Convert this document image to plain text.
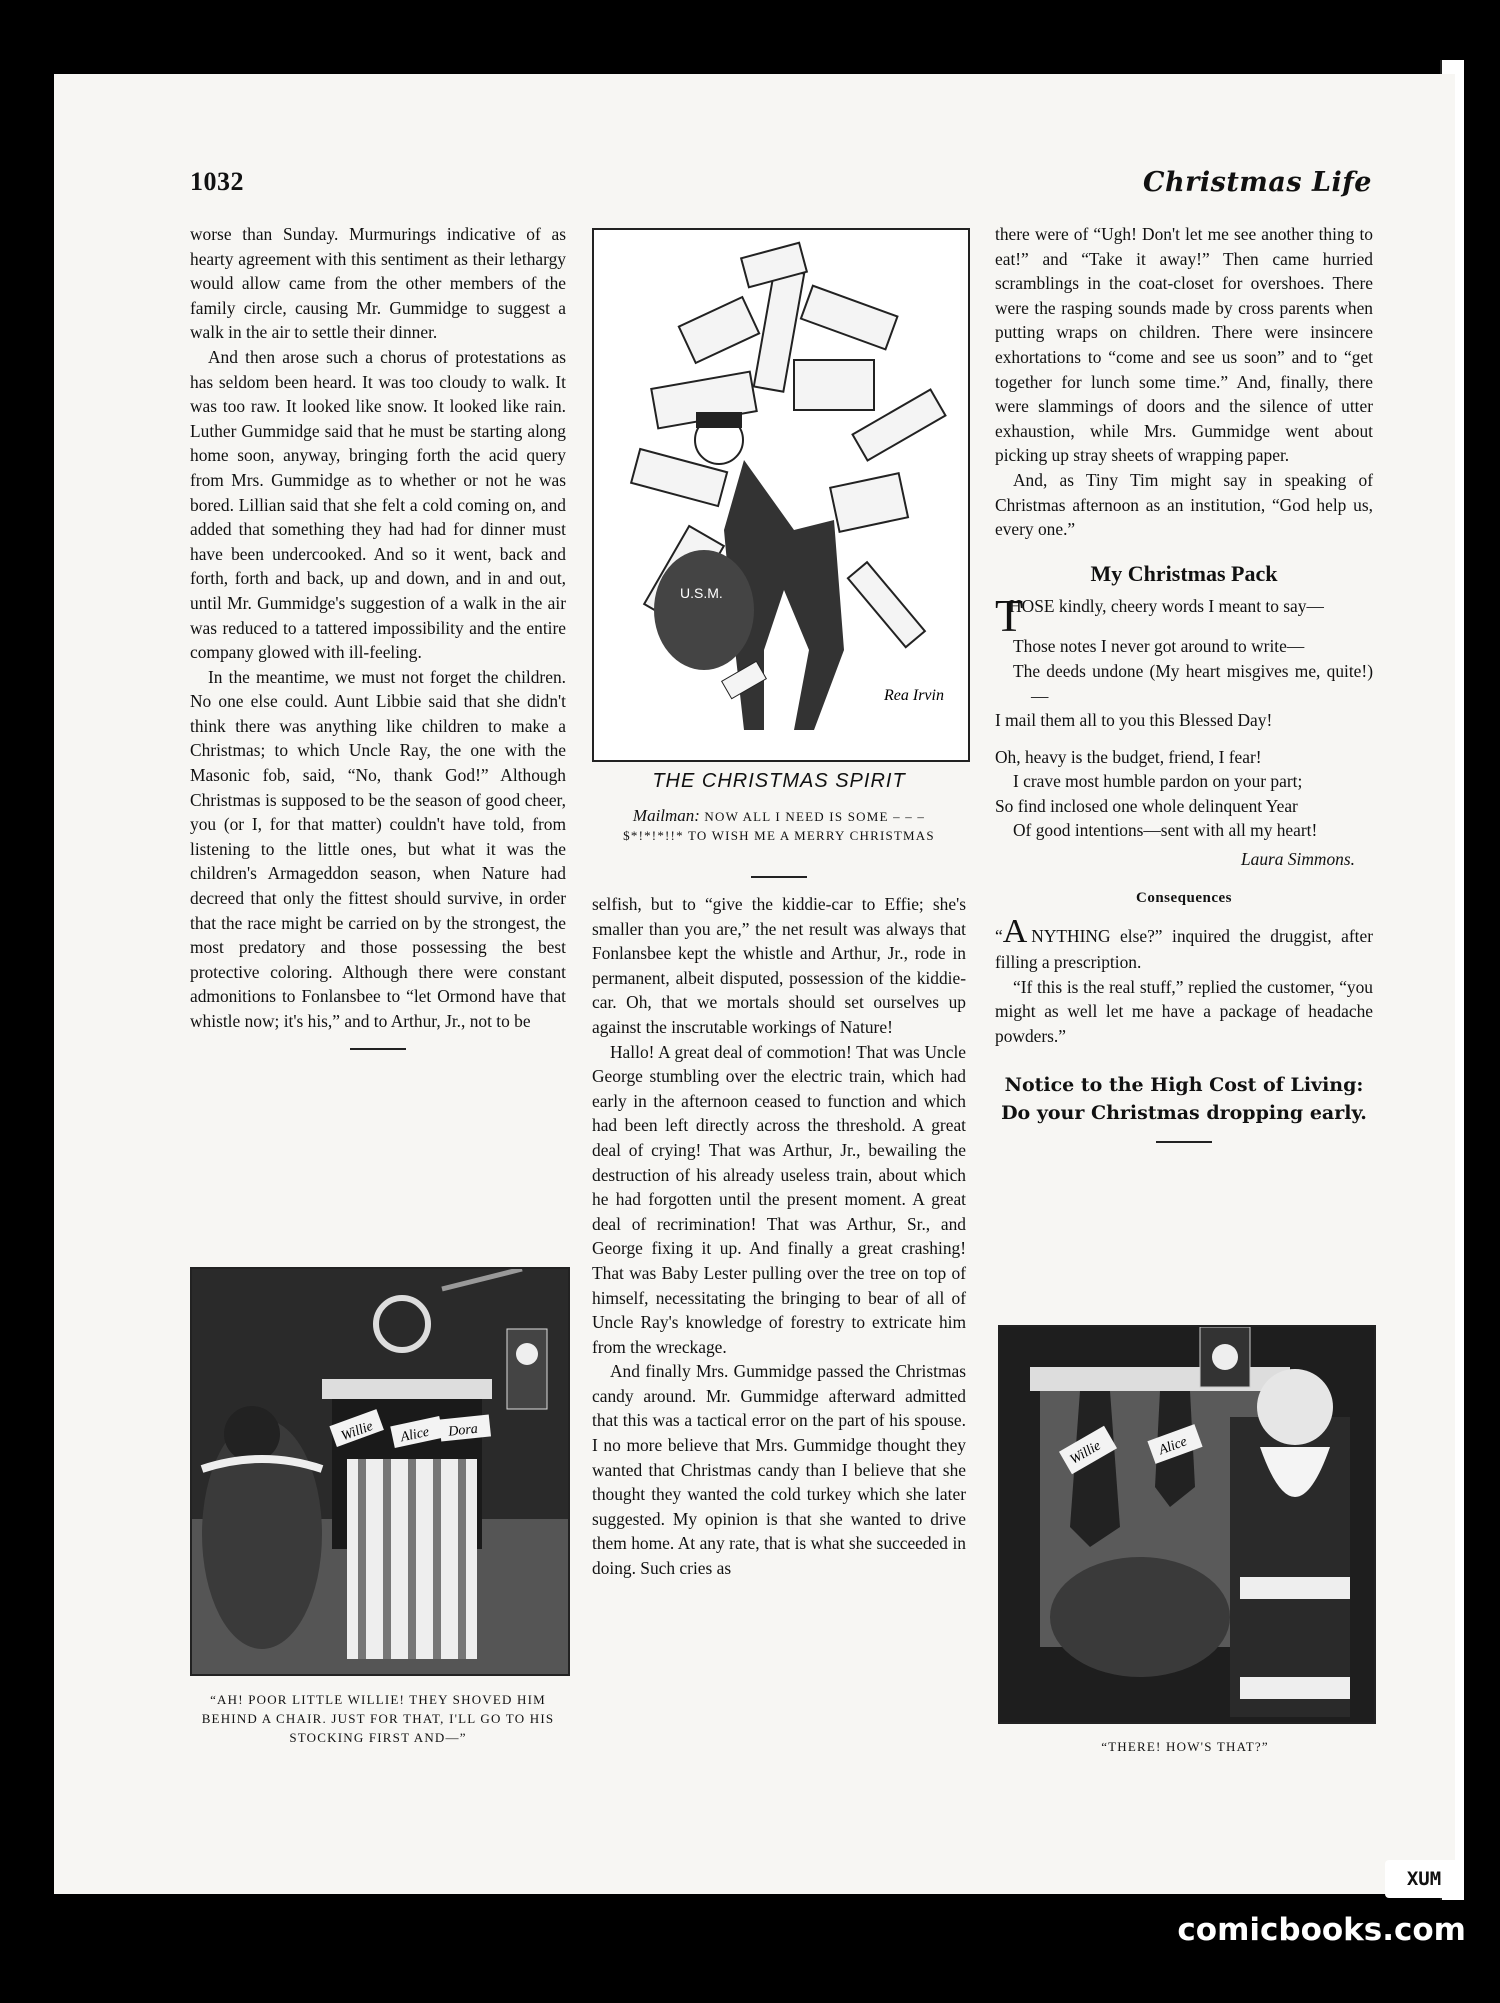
1032	Christmas Life

worse than Sunday. Murmurings indicative of as hearty agreement with this sentiment as their lethargy would allow came from the other members of the family circle, causing Mr. Gummidge to suggest a walk in the air to settle their dinner.

And then arose such a chorus of protestations as has seldom been heard. It was too cloudy to walk. It was too raw. It looked like snow. It looked like rain. Luther Gummidge said that he must be starting along home soon, anyway, bringing forth the acid query from Mrs. Gummidge as to whether or not he was bored. Lillian said that she felt a cold coming on, and added that something they had had for dinner must have been undercooked. And so it went, back and forth, forth and back, up and down, and in and out, until Mr. Gummidge's suggestion of a walk in the air was reduced to a tattered impossibility and the entire company glowed with ill-feeling.

In the meantime, we must not forget the children. No one else could. Aunt Libbie said that she didn't think there was anything like children to make a Christmas; to which Uncle Ray, the one with the Masonic fob, said, “No, thank God!” Although Christmas is supposed to be the season of good cheer, you (or I, for that matter) couldn't have told, from listening to the little ones, but what it was the children's Armageddon season, when Nature had decreed that only the fittest should survive, in order that the race might be carried on by the strongest, the most predatory and those possessing the best protective coloring. Although there were constant admonitions to Fonlansbee to “let Ormond have that whistle now; it's his,” and to Arthur, Jr., not to be

Willie Alice Dora
“AH! POOR LITTLE WILLIE! THEY SHOVED HIM BEHIND A CHAIR. JUST FOR THAT, I'LL GO TO HIS STOCKING FIRST AND—”
U.S.M.
Rea Irvin
THE CHRISTMAS SPIRIT
Mailman: NOW ALL I NEED IS SOME – – –$*!*!*!!* TO WISH ME A MERRY CHRISTMAS

selfish, but to “give the kiddie-car to Effie; she's smaller than you are,” the net result was always that Fonlansbee kept the whistle and Arthur, Jr., rode in permanent, albeit disputed, possession of the kiddie-car. Oh, that we mortals should set ourselves up against the inscrutable workings of Nature!

Hallo! A great deal of commotion! That was Uncle George stumbling over the electric train, which had early in the afternoon ceased to function and which had been left directly across the threshold. A great deal of crying! That was Arthur, Jr., bewailing the destruction of his already useless train, about which he had forgotten until the present moment. A great deal of recrimination! That was Arthur, Sr., and George fixing it up. And finally a great crashing! That was Baby Lester pulling over the tree on top of himself, necessitating the bringing to bear of all of Uncle Ray's knowledge of forestry to extricate him from the wreckage.

And finally Mrs. Gummidge passed the Christmas candy around. Mr. Gummidge afterward admitted that this was a tactical error on the part of his spouse. I no more believe that Mrs. Gummidge thought they wanted that Christmas candy than I believe that she thought they wanted the cold turkey which she later suggested. My opinion is that she wanted to drive them home. At any rate, that is what she succeeded in doing. Such cries as

there were of “Ugh! Don't let me see another thing to eat!” and “Take it away!” Then came hurried scramblings in the coat-closet for overshoes. There were the rasping sounds made by cross parents when putting wraps on children. There were insincere exhortations to “come and see us soon” and to “get together for lunch some time.” And, finally, there were slammings of doors and the silence of utter exhaustion, while Mrs. Gummidge went about picking up stray sheets of wrapping paper.

And, as Tiny Tim might say in speaking of Christmas afternoon as an institution, “God help us, every one.”

My Christmas Pack
T
HOSE kindly, cheery words I meant to say—
Those notes I never got around to write—
The deeds undone (My heart misgives me, quite!)—
I mail them all to you this Blessed Day!
Oh, heavy is the budget, friend, I fear!
I crave most humble pardon on your part;
So find inclosed one whole delinquent Year
Of good intentions—sent with all my heart!
Laura Simmons.
Consequences

“A NYTHING else?” inquired the druggist, after filling a prescription.

“If this is the real stuff,” replied the customer, “you might as well let me have a package of headache powders.”

Notice to the High Cost of Living:
Do your Christmas dropping early.
Willie	Alice
“THERE! HOW'S THAT?”
XUM
comicbooks.com
